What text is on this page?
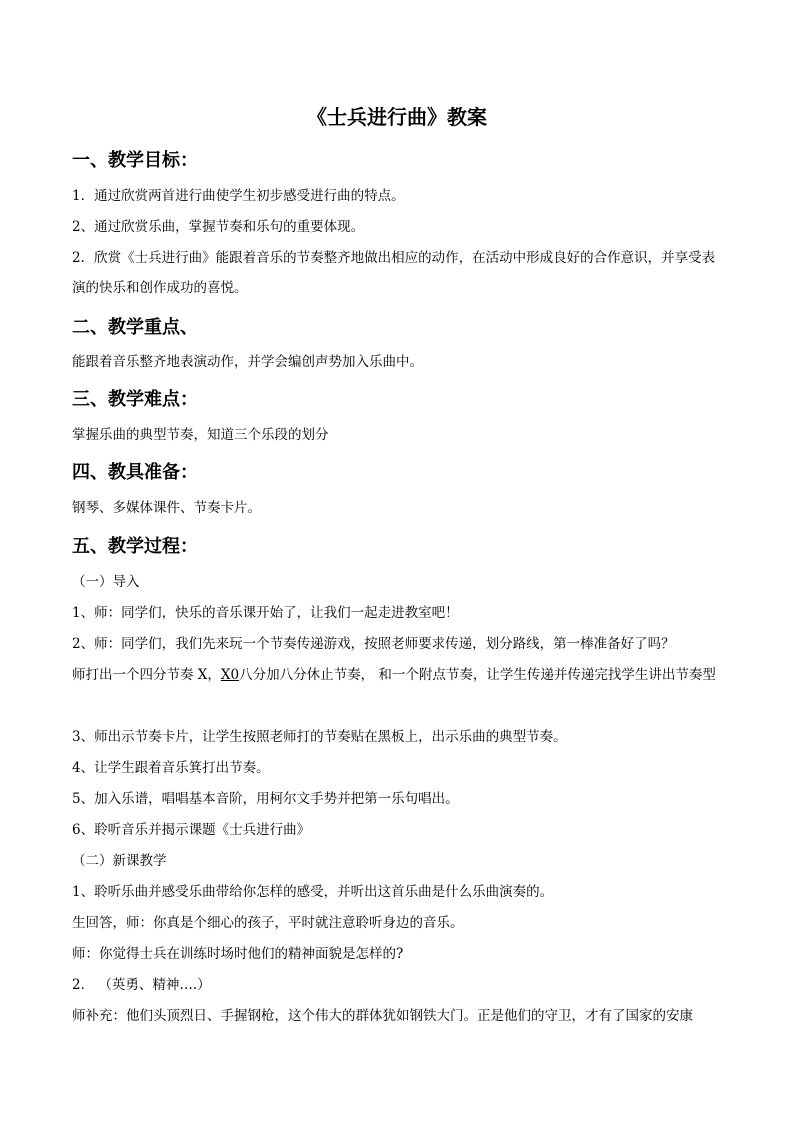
《士兵进行曲》教案
一、教学目标：

1．通过欣赏两首进行曲使学生初步感受进行曲的特点。

2、通过欣赏乐曲，掌握节奏和乐句的重要体现。

2．欣赏《士兵进行曲》能跟着音乐的节奏整齐地做出相应的动作，在活动中形成良好的合作意识，并享受表演的快乐和创作成功的喜悦。

二、教学重点、

能跟着音乐整齐地表演动作，并学会编创声势加入乐曲中。

三、教学难点：

掌握乐曲的典型节奏，知道三个乐段的划分

四、教具准备：

钢琴、多媒体课件、节奏卡片。

五、教学过程：

（一）导入

1、师：同学们，快乐的音乐课开始了，让我们一起走进教室吧！

2、师：同学们，我们先来玩一个节奏传递游戏，按照老师要求传递，划分路线，第一棒准备好了吗？

师打出一个四分节奏 X，X0八分加八分休止节奏， 和一个附点节奏，让学生传递并传递完找学生讲出节奏型

3、师出示节奏卡片，让学生按照老师打的节奏贴在黑板上，出示乐曲的典型节奏。

4、让学生跟着音乐箕打出节奏。

5、加入乐谱，唱唱基本音阶，用柯尔文手势并把第一乐句唱出。

6、聆听音乐并揭示课题《士兵进行曲》

（二）新课教学

1、聆听乐曲并感受乐曲带给你怎样的感受，并听出这首乐曲是什么乐曲演奏的。

生回答，师：你真是个细心的孩子，平时就注意聆听身边的音乐。

师：你觉得士兵在训练时场时他们的精神面貌是怎样的?

2． （英勇、精神….）

师补充：他们头顶烈日、手握钢枪，这个伟大的群体犹如钢铁大门。正是他们的守卫，才有了国家的安康
